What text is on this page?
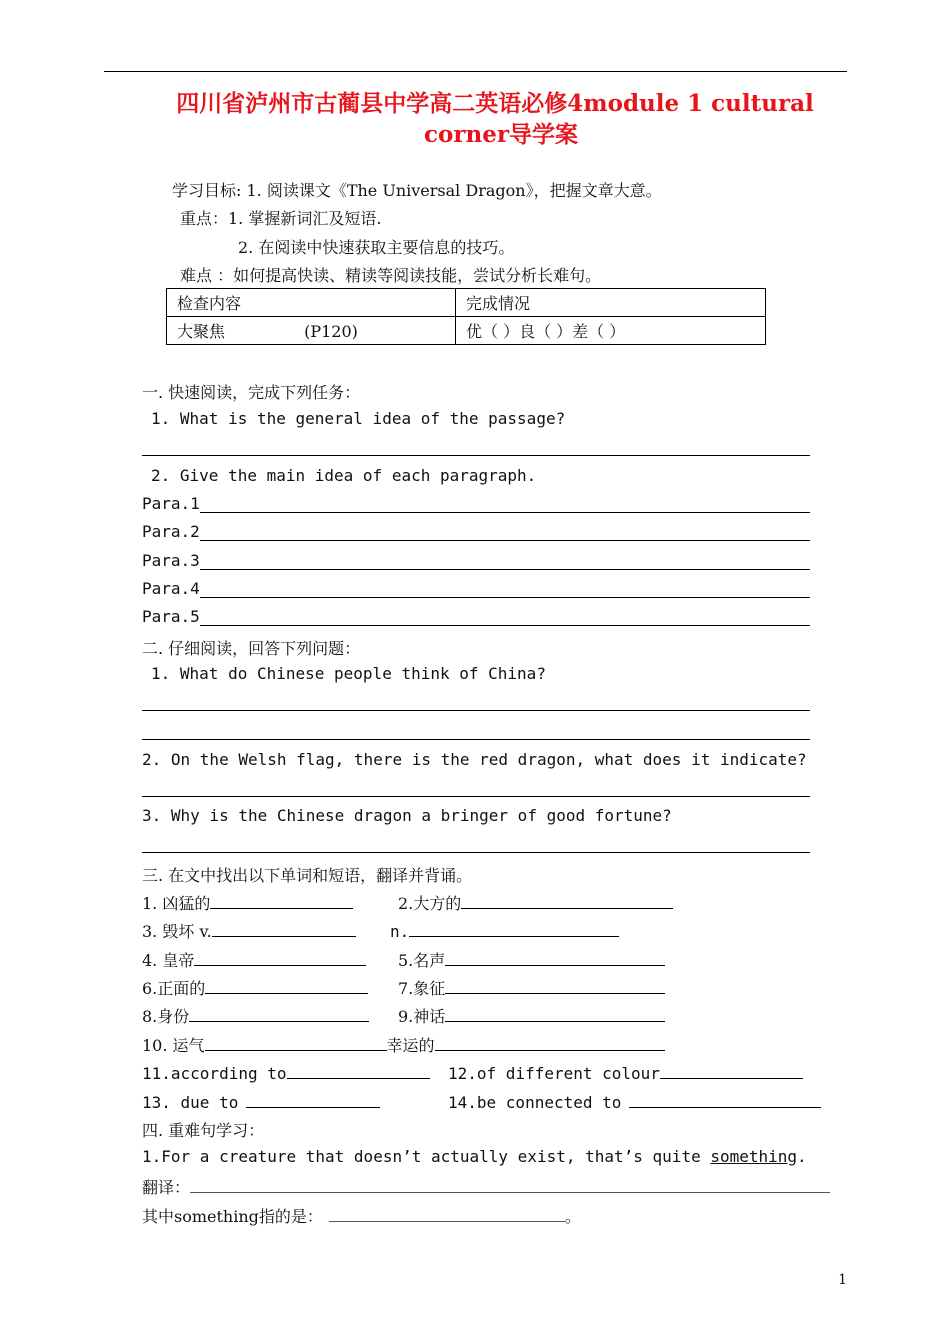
四川省泸州市古蔺县中学高二英语必修4module 1 cultural
corner导学案
学习目标: 1. 阅读课文《The Universal Dragon》，把握文章大意。
重点：1. 掌握新词汇及短语.
2. 在阅读中快速获取主要信息的技巧。
难点 ：如何提高快读、精读等阅读技能，尝试分析长难句。
检查内容	完成情况
大聚焦 (P120)	优（ ）良（ ）差（ ）
一. 快速阅读，完成下列任务：
1. What is the general idea of the passage?
2. Give the main idea of each paragraph.
Para.1
Para.2
Para.3
Para.4
Para.5
二. 仔细阅读，回答下列问题：
1. What do Chinese people think of China?
2. On the Welsh flag, there is the red dragon, what does it indicate?
3. Why is the Chinese dragon a bringer of good fortune?
三. 在文中找出以下单词和短语，翻译并背诵。
1. 凶猛的	2.大方的
3. 毁坏 v.	n.
4. 皇帝	5.名声
6.正面的	7.象征
8.身份	9.神话
10. 运气	幸运的
11.according to	12.of different colour
13. due to	14.be connected to
四. 重难句学习：
1.For a creature that doesn’t actually exist, that’s quite something.
翻译：
其中something指的是：	。
1
